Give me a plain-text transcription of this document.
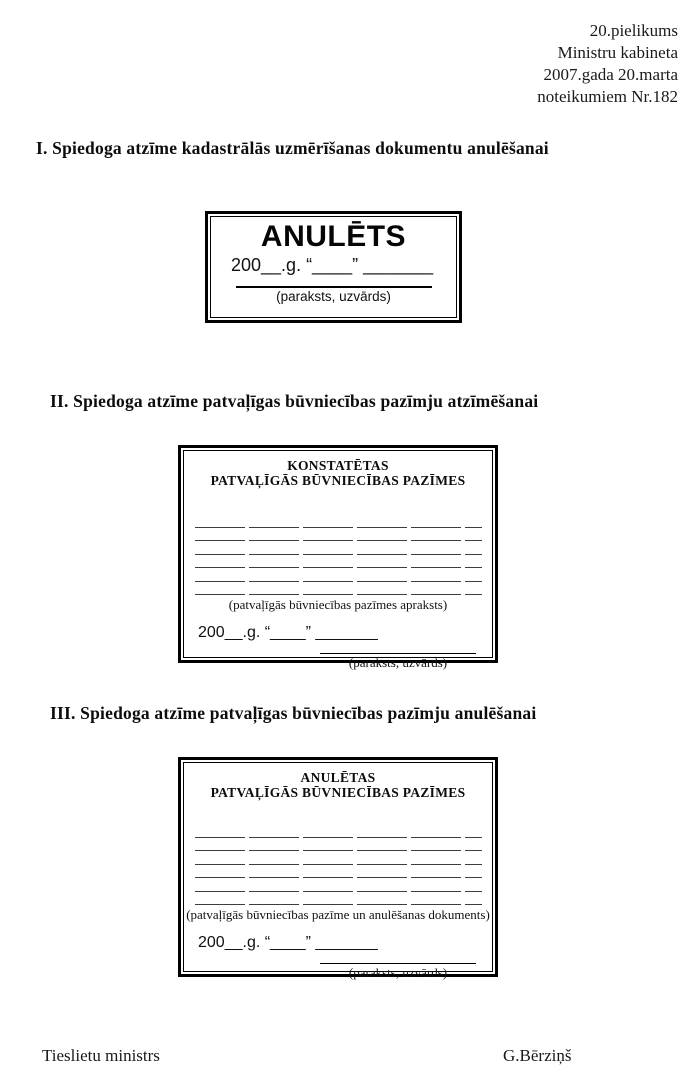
20.pielikums
Ministru kabineta
2007.gada 20.marta
noteikumiem Nr.182
I. Spiedoga atzīme kadastrālās uzmērīšanas dokumentu anulēšanai
ANULĒTS
200__.g. “____” _______
(paraksts, uzvārds)
II. Spiedoga atzīme patvaļīgas būvniecības pazīmju atzīmēšanai
KONSTATĒTAS
PATVAĻĪGĀS BŪVNIECĪBAS PAZĪMES
(patvaļīgās būvniecības pazīmes apraksts)
200__.g. “____” _______
(paraksts, uzvārds)
III. Spiedoga atzīme patvaļīgas būvniecības pazīmju anulēšanai
ANULĒTAS
PATVAĻĪGĀS BŪVNIECĪBAS PAZĪMES
(patvaļīgās būvniecības pazīme un anulēšanas dokuments)
200__.g. “____” _______
(paraksts, uzvārds)
Tieslietu ministrs	G.Bērziņš
